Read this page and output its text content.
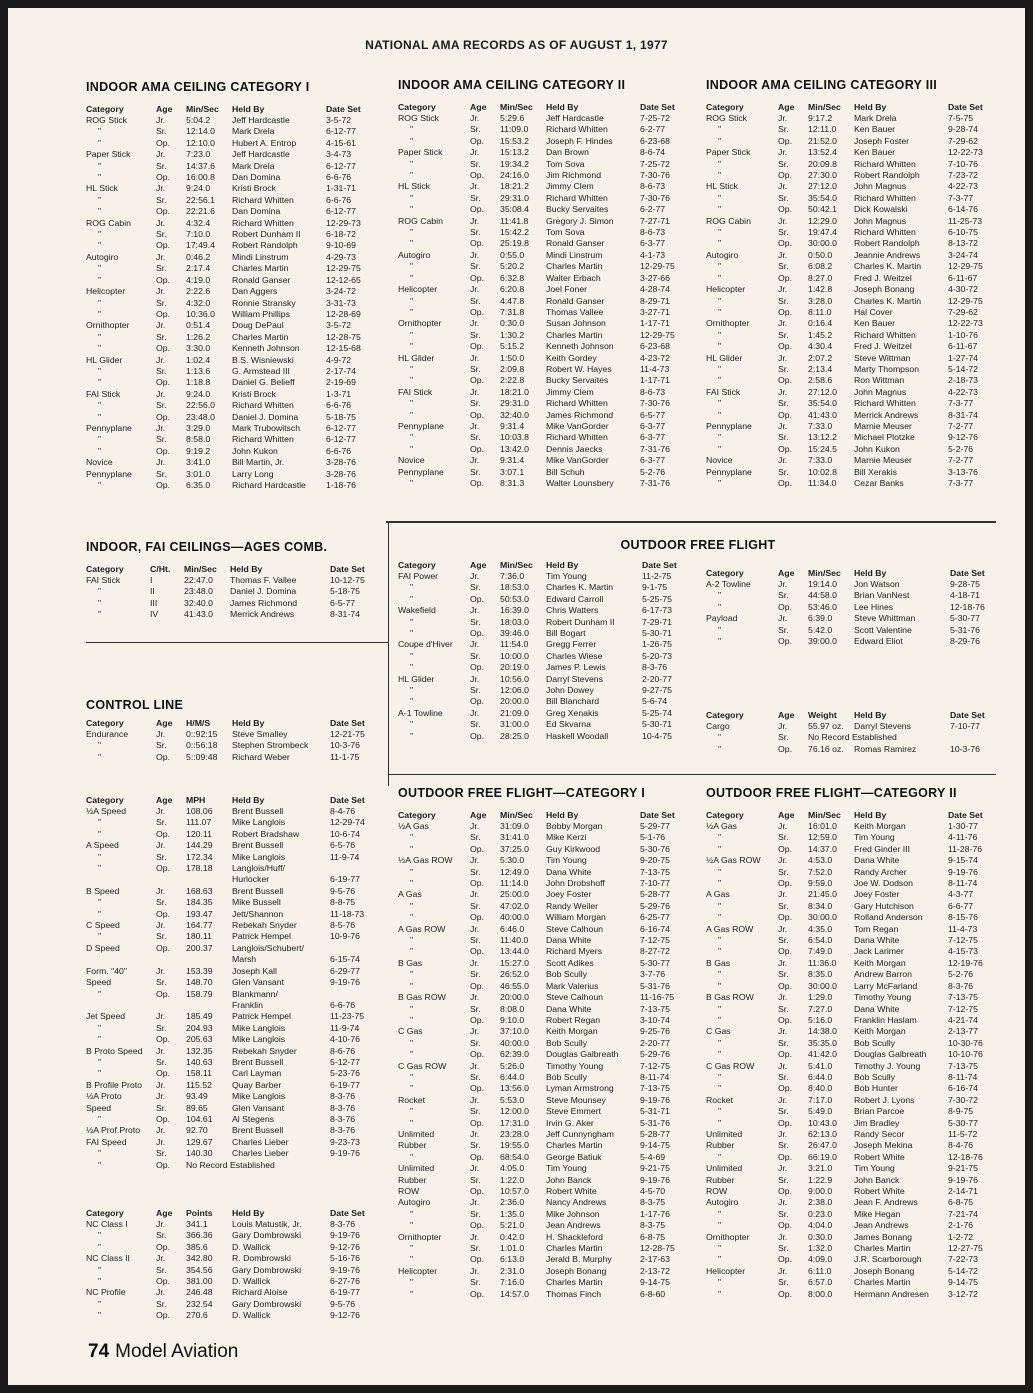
NATIONAL AMA RECORDS AS OF AUGUST 1, 1977
INDOOR AMA CEILING CATEGORY I
Category	Age	Min/Sec	Held By	Date Set
ROG Stick	Jr.	5:04.2	Jeff Hardcastle	3-5-72
"	Sr.	12:14.0	Mark Drela	6-12-77
"	Op.	12:10.0	Hubert A. Entrop	4-15-61
Paper Stick	Jr.	7:23.0	Jeff Hardcastle	3-4-73
"	Sr.	14:37.6	Mark Drela	6-12-77
"	Op.	16:00.8	Dan Domina	6-6-76
HL Stick	Jr.	9:24.0	Kristi Brock	1-31-71
"	Sr.	22:56.1	Richard Whitten	6-6-76
"	Op.	22:21.6	Dan Domina	6-12-77
ROG Cabin	Jr.	4:32.4	Richard Whitten	12-29-73
"	Sr.	7:10.0	Robert Dunham II	6-18-72
"	Op.	17:49.4	Robert Randolph	9-10-69
Autogiro	Jr.	0:46.2	Mindi Linstrum	4-29-73
"	Sr.	2:17.4	Charles Martin	12-29-75
"	Op.	4:19.0	Ronald Ganser	12-12-65
Helicopter	Jr.	2:22.6	Dan Aggers	3-24-72
"	Sr.	4:32.0	Ronnie Stransky	3-31-73
"	Op.	10:36.0	William Phillips	12-28-69
Ornithopter	Jr.	0:51.4	Doug DePaul	3-5-72
"	Sr.	1:26.2	Charles Martin	12-28-75
"	Op.	3:30.0	Kenneth Johnson	12-15-68
HL Glider	Jr.	1:02.4	B.S. Wisniewski	4-9-72
"	Sr.	1:13.6	G. Armstead III	2-17-74
"	Op.	1:18.8	Daniel G. Belieff	2-19-69
FAI Stick	Jr.	9:24.0	Kristi Brock	1-3-71
"	Sr.	22:56.0	Richard Whitten	6-6-76
"	Op.	23:48.0	Daniel J. Domina	5-18-75
Pennyplane	Jr.	3:29.0	Mark Trubowitsch	6-12-77
"	Sr.	8:58.0	Richard Whitten	6-12-77
"	Op.	9:19.2	John Kukon	6-6-76
Novice	Jr.	3:41.0	Bill Martin, Jr.	3-28-76
Pennyplane	Sr.	3:01.0	Larry Long	3-28-76
"	Op.	6:35.0	Richard Hardcastle	1-18-76
INDOOR AMA CEILING CATEGORY II
Category	Age	Min/Sec	Held By	Date Set
ROG Stick	Jr.	5:29.6	Jeff Hardcastle	7-25-72
"	Sr.	11:09.0	Richard Whitten	6-2-77
"	Op.	15:53.2	Joseph F. Hindes	6-23-68
Paper Stick	Jr.	15:13.2	Dan Brown	8-6-74
"	Sr.	19:34.2	Tom Sova	7-25-72
"	Op.	24:16.0	Jim Richmond	7-30-76
HL Stick	Jr.	18:21.2	Jimmy Clem	8-6-73
"	Sr.	29:31.0	Richard Whitten	7-30-76
"	Op.	35:08.4	Bucky Servaites	6-2-77
ROG Cabin	Jr.	11:41.8	Gregory J. Simon	7-27-71
"	Sr.	15:42.2	Tom Sova	8-6-73
"	Op.	25:19.8	Ronald Ganser	6-3-77
Autogiro	Jr.	0:55.0	Mindi Linstrum	4-1-73
"	Sr.	5:20.2	Charles Martin	12-29-75
"	Op.	6:32.8	Walter Erbach	3-27-66
Helicopter	Jr.	6:20.8	Joel Foner	4-28-74
"	Sr.	4:47.8	Ronald Ganser	8-29-71
"	Op.	7:31.8	Thomas Vallee	3-27-71
Ornithopter	Jr.	0:30.0	Susan Johnson	1-17-71
"	Sr.	1:30.2	Charles Martin	12-29-75
"	Op.	5:15.2	Kenneth Johnson	6-23-68
HL Glider	Jr.	1:50.0	Keith Gordey	4-23-72
"	Sr.	2:09.8	Robert W. Hayes	11-4-73
"	Op.	2:22.8	Bucky Servaites	1-17-71
FAI Stick	Jr.	18:21.0	Jimmy Clem	8-6-73
"	Sr.	29:31.0	Richard Whitten	7-30-76
"	Op.	32:40.0	James Richmond	6-5-77
Pennyplane	Jr.	9:31.4	Mike VanGorder	6-3-77
"	Sr.	10:03.8	Richard Whitten	6-3-77
"	Op.	13:42.0	Dennis Jaecks	7-31-76
Novice	Jr.	9:31.4	Mike VanGorder	6-3-77
Pennyplane	Sr.	3:07.1	Bill Schuh	5-2-76
"	Op.	8:31.3	Walter Lounsbery	7-31-76
INDOOR AMA CEILING CATEGORY III
Category	Age	Min/Sec	Held By	Date Set
ROG Stick	Jr.	9:17.2	Mark Drela	7-5-75
"	Sr.	12:11.0	Ken Bauer	9-28-74
"	Op.	21:52.0	Joseph Foster	7-29-62
Paper Stick	Jr.	13:52.4	Ken Bauer	12-22-73
"	Sr.	20:09.8	Richard Whitten	7-10-76
"	Op.	27:30.0	Robert Randolph	7-23-72
HL Stick	Jr.	27:12.0	John Magnus	4-22-73
"	Sr.	35:54.0	Richard Whitten	7-3-77
"	Op.	50:42.1	Dick Kowalski	6-14-76
ROG Cabin	Jr.	12:29.0	John Magnus	11-25-73
"	Sr.	19:47.4	Richard Whitten	6-10-75
"	Op.	30:00.0	Robert Randolph	8-13-72
Autogiro	Jr.	0:50.0	Jeannie Andrews	3-24-74
"	Sr.	6:08.2	Charles K. Martin	12-29-75
"	Op.	8:27.0	Fred J. Weitzel	6-11-67
Helicopter	Jr.	1:42.8	Joseph Bonang	4-30-72
"	Sr.	3:28.0	Charles K. Martin	12-29-75
"	Op.	8:11.0	Hal Cover	7-29-62
Ornithopter	Jr.	0:16.4	Ken Bauer	12-22-73
"	Sr.	1:45.2	Richard Whitten	1-10-76
"	Op.	4:30.4	Fred J. Weitzel	6-11-67
HL Glider	Jr.	2:07.2	Steve Wittman	1-27-74
"	Sr.	2:13.4	Marty Thompson	5-14-72
"	Op.	2:58.6	Ron Wittman	2-18-73
FAI Stick	Jr.	27:12.0	John Magnus	4-22-73
"	Sr.	35:54.0	Richard Whitten	7-3-77
"	Op.	41:43.0	Merrick Andrews	8-31-74
Pennyplane	Jr.	7:33.0	Marnie Meuser	7-2-77
"	Sr.	13:12.2	Michael Plotzke	9-12-76
"	Op.	15:24.5	John Kukon	5-2-76
Novice	Jr.	7:33.0	Marnie Meuser	7-2-77
Pennyplane	Sr.	10:02.8	Bill Xerakis	3-13-76
"	Op.	11:34.0	Cezar Banks	7-3-77
INDOOR, FAI CEILINGS—AGES COMB.
Category	C/Ht.	Min/Sec	Held By	Date Set
FAI Stick	I	22:47.0	Thomas F. Vallee	10-12-75
"	II	23:48.0	Daniel J. Domina	5-18-75
"	III	32:40.0	James Richmond	6-5-77
"	IV	41:43.0	Merrick Andrews	8-31-74
OUTDOOR FREE FLIGHT
Category	Age	Min/Sec	Held By	Date Set
FAI Power	Jr.	7:36.0	Tim Young	11-2-75
"	Sr.	18:53.0	Charles K. Martin	9-1-75
"	Op.	50:53.0	Edward Carroll	5-25-75
Wakefield	Jr.	16:39.0	Chris Watters	6-17-73
"	Sr.	18:03.0	Robert Dunham II	7-29-71
"	Op.	39:46.0	Bill Bogart	5-30-71
Coupe d'Hiver	Jr.	11:54.0	Gregg Ferrer	1-26-75
"	Sr.	10:00.0	Charles Wiese	5-20-73
"	Op.	20:19.0	James P. Lewis	8-3-76
HL Glider	Jr.	10:56.0	Darryl Stevens	2-20-77
"	Sr.	12:06.0	John Dowey	9-27-75
"	Op.	20:00.0	Bill Blanchard	5-6-74
A-1 Towline	Jr.	21:09.0	Greg Xenakis	5-25-74
"	Sr.	31:00.0	Ed Skvarna	5-30-71
"	Op.	28:25.0	Haskell Woodall	10-4-75
Category	Age	Min/Sec	Held By	Date Set
A-2 Towline	Jr.	19:14.0	Jon Watson	9-28-75
"	Sr.	44:58.0	Brian VanNest	4-18-71
"	Op.	53:46.0	Lee Hines	12-18-76
Payload	Jr.	6:39.0	Steve Whittman	5-30-77
"	Sr.	5:42.0	Scott Valentine	5-31-76
"	Op.	39:00.0	Edward Eliot	8-29-76
Category	Age	Weight	Held By	Date Set
Cargo	Jr.	55.97 oz.	Darryl Stevens	7-10-77
"	Sr.	No Record Established		
"	Op.	76.16 oz.	Romas Ramirez	10-3-76
CONTROL LINE
Category	Age	H/M/S	Held By	Date Set
Endurance	Jr.	0::92:15	Steve Smalley	12-21-75
"	Sr.	0::56:18	Stephen Strombeck	10-3-76
"	Op.	5::09:48	Richard Weber	11-1-75
Category	Age	MPH	Held By	Date Set
½A Speed	Jr.	108.06	Brent Bussell	8-4-76
"	Sr.	111.07	Mike Langlois	12-29-74
"	Op.	120.11	Robert Bradshaw	10-6-74
A Speed	Jr.	144.29	Brent Bussell	6-5-76
"	Sr.	172.34	Mike Langlois	11-9-74
"	Op.	178.18	Langlois/Huff/	
			Hurlocker	6-19-77
B Speed	Jr.	168.63	Brent Bussell	9-5-76
"	Sr.	184.35	Mike Bussell	8-8-75
"	Op.	193.47	Jett/Shannon	11-18-73
C Speed	Jr.	164.77	Rebekah Snyder	8-5-76
"	Sr.	180.11	Patrick Hempel	10-9-76
D Speed	Op.	200.37	Langlois/Schubert/	
			Marsh	6-15-74
Form. "40"	Jr.	153.39	Joseph Kall	6-29-77
Speed	Sr.	148.70	Glen Vansant	9-19-76
"	Op.	158.79	Blankmann/	
			Franklin	6-6-76
Jet Speed	Jr.	185.49	Patrick Hempel	11-23-75
"	Sr.	204.93	Mike Langlois	11-9-74
"	Op.	205.63	Mike Langlois	4-10-76
B Proto Speed	Jr.	132.35	Rebekah Snyder	8-6-76
"	Sr.	140.63	Brent Bussell	5-12-77
"	Op.	158.11	Carl Layman	5-23-76
B Profile Proto	Jr.	115.52	Quay Barber	6-19-77
½A Proto	Jr.	93.49	Mike Langlois	8-3-76
Speed	Sr.	89.65	Glen Vansant	8-3-76
"	Op.	104.61	Al Stegens	8-3-76
½A Prof.Proto	Jr.	92.70	Brent Bussell	8-3-76
FAI Speed	Jr.	129.67	Charles Lieber	9-23-73
"	Sr.	140.30	Charles Lieber	9-19-76
"	Op.	No Record Established		
Category	Age	Points	Held By	Date Set
NC Class I	Jr.	341.1	Louis Matustik, Jr.	8-3-76
"	Sr.	366.36	Gary Dombrowski	9-19-76
"	Op.	385.6	D. Wallick	9-12-76
NC Class II	Jr.	342.80	R. Dombrowski	5-16-76
"	Sr.	354.56	Gary Dombrowski	9-19-76
"	Op.	381.00	D. Wallick	6-27-76
NC Profile	Jr.	246.48	Richard Aloise	6-19-77
"	Sr.	232.54	Gary Dombrowski	9-5-76
"	Op.	270.6	D. Wallick	9-12-76
OUTDOOR FREE FLIGHT—CATEGORY I
Category	Age	Min/Sec	Held By	Date Set
½A Gas	Jr.	31:09.0	Bobby Morgan	5-29-77
"	Sr.	31:41.0	Mike Kerzi	5-1-76
"	Op.	37:25.0	Guy Kirkwood	5-30-76
½A Gas ROW	Jr.	5:30.0	Tim Young	9-20-75
"	Sr.	12:49.0	Dana White	7-13-75
"	Op.	11:14.0	John Drobshoff	7-10-77
A Gas	Jr.	25:00.0	Joey Foster	5-28-77
"	Sr.	47:02.0	Randy Weiler	5-29-76
"	Op.	40:00.0	William Morgan	6-25-77
A Gas ROW	Jr.	6:46.0	Steve Calhoun	6-16-74
"	Sr.	11:40.0	Dana White	7-12-75
"	Op.	13:44.0	Richard Myers	8-27-72
B Gas	Jr.	15:27.0	Scott Adikes	5-30-77
"	Sr.	26:52.0	Bob Scully	3-7-76
"	Op.	46:55.0	Mark Valerius	5-31-76
B Gas ROW	Jr.	20:00.0	Steve Calhoun	11-16-75
"	Sr.	8:08.0	Dana White	7-13-75
"	Op.	9:10.0	Robert Regan	3-10-74
C Gas	Jr.	37:10.0	Keith Morgan	9-25-76
"	Sr.	40:00.0	Bob Scully	2-20-77
"	Op.	62:39.0	Douglas Galbreath	5-29-76
C Gas ROW	Jr.	5:26.0	Timothy Young	7-12-75
"	Sr.	6:44.0	Bob Scully	8-11-74
"	Op.	13:56.0	Lyman Armstrong	7-13-75
Rocket	Jr.	5:53.0	Steve Mounsey	9-19-76
"	Sr.	12:00.0	Steve Emmert	5-31-71
"	Op.	17:31.0	Irvin G. Aker	5-31-76
Unlimited	Jr.	23:28.0	Jeff Cunnyngham	5-28-77
Rubber	Sr.	19:55.0	Charles Martin	9-14-75
"	Op.	68:54.0	George Batiuk	5-4-69
Unlimited	Jr.	4:05.0	Tim Young	9-21-75
Rubber	Sr.	1:22.0	John Banck	9-19-76
ROW	Op.	10:57.0	Robert White	4-5-70
Autogiro	Jr.	2:36.0	Nancy Andrews	8-3-75
"	Sr.	1:35.0	Mike Johnson	1-17-76
"	Op.	5:21.0	Jean Andrews	8-3-75
Ornithopter	Jr.	0:42.0	H. Shackleford	6-8-75
"	Sr.	1:01.0	Charles Martin	12-28-75
"	Op.	6:13.0	Jerald B. Murphy	2-17-63
Helicopter	Jr.	2:31.0	Joseph Bonang	2-13-72
"	Sr.	7:16.0	Charles Martin	9-14-75
"	Op.	14:57.0	Thomas Finch	6-8-60
OUTDOOR FREE FLIGHT—CATEGORY II
Category	Age	Min/Sec	Held By	Date Set
½A Gas	Jr.	16:01.0	Keith Morgan	1-30-77
"	Sr.	12:59.0	Tim Young	4-11-76
"	Op.	14:37.0	Fred Ginder III	11-28-76
½A Gas ROW	Jr.	4:53.0	Dana White	9-15-74
"	Sr.	7:52.0	Randy Archer	9-19-76
"	Op.	9:59.0	Joe W. Dodson	8-11-74
A Gas	Jr.	21:45.0	Joey Foster	4-3-77
"	Sr.	8:34.0	Gary Hutchison	6-6-77
"	Op.	30:00.0	Rolland Anderson	8-15-76
A Gas ROW	Jr.	4:35.0	Tom Regan	11-4-73
"	Sr.	6:54.0	Dana White	7-12-75
"	Op.	7:49.0	Jack Larimer	4-15-73
B Gas	Jr.	11:36.0	Keith Morgan	12-19-76
"	Sr.	8:35.0	Andrew Barron	5-2-76
"	Op.	30:00.0	Larry McFarland	8-3-76
B Gas ROW	Jr.	1:29.0	Timothy Young	7-13-75
"	Sr.	7:27.0	Dana White	7-12-75
"	Op.	5:16.0	Franklin Haslam	4-21-74
C Gas	Jr.	14:38.0	Keith Morgan	2-13-77
"	Sr.	35:35.0	Bob Scully	10-30-76
"	Op.	41:42.0	Douglas Galbreath	10-10-76
C Gas ROW	Jr.	5:41.0	Timothy J. Young	7-13-75
"	Sr.	6:44.0	Bob Scully	8-11-74
"	Op.	8:40.0	Bob Hunter	6-16-74
Rocket	Jr.	7:17.0	Robert J. Lyons	7-30-72
"	Sr.	5:49.0	Brian Parcoe	8-9-75
"	Op.	10:43.0	Jim Bradley	5-30-77
Unlimited	Jr.	62:13.0	Randy Secor	11-5-72
Rubber	Sr.	26:47.0	Joseph Mekina	8-4-76
"	Op.	66:19.0	Robert White	12-18-76
Unlimited	Jr.	3:21.0	Tim Young	9-21-75
Rubber	Sr.	1:22.9	John Banck	9-19-76
ROW	Op.	9:00.0	Robert White	2-14-71
Autogiro	Jr.	2:38.0	Jean F. Andrews	6-8-75
"	Sr.	0:23.0	Mike Hegan	7-21-74
"	Op.	4:04.0	Jean Andrews	2-1-76
Ornithopter	Jr.	0:30.0	James Bonang	1-2-72
"	Sr.	1:32.0	Charles Martin	12-27-75
"	Op.	4:09.0	J.R. Scarborough	7-22-73
Helicopter	Jr.	6:11.0	Joseph Bonang	5-14-72
"	Sr.	6:57.0	Charles Martin	9-14-75
"	Op.	8:00.0	Hermann Andresen	3-12-72
74 Model Aviation
